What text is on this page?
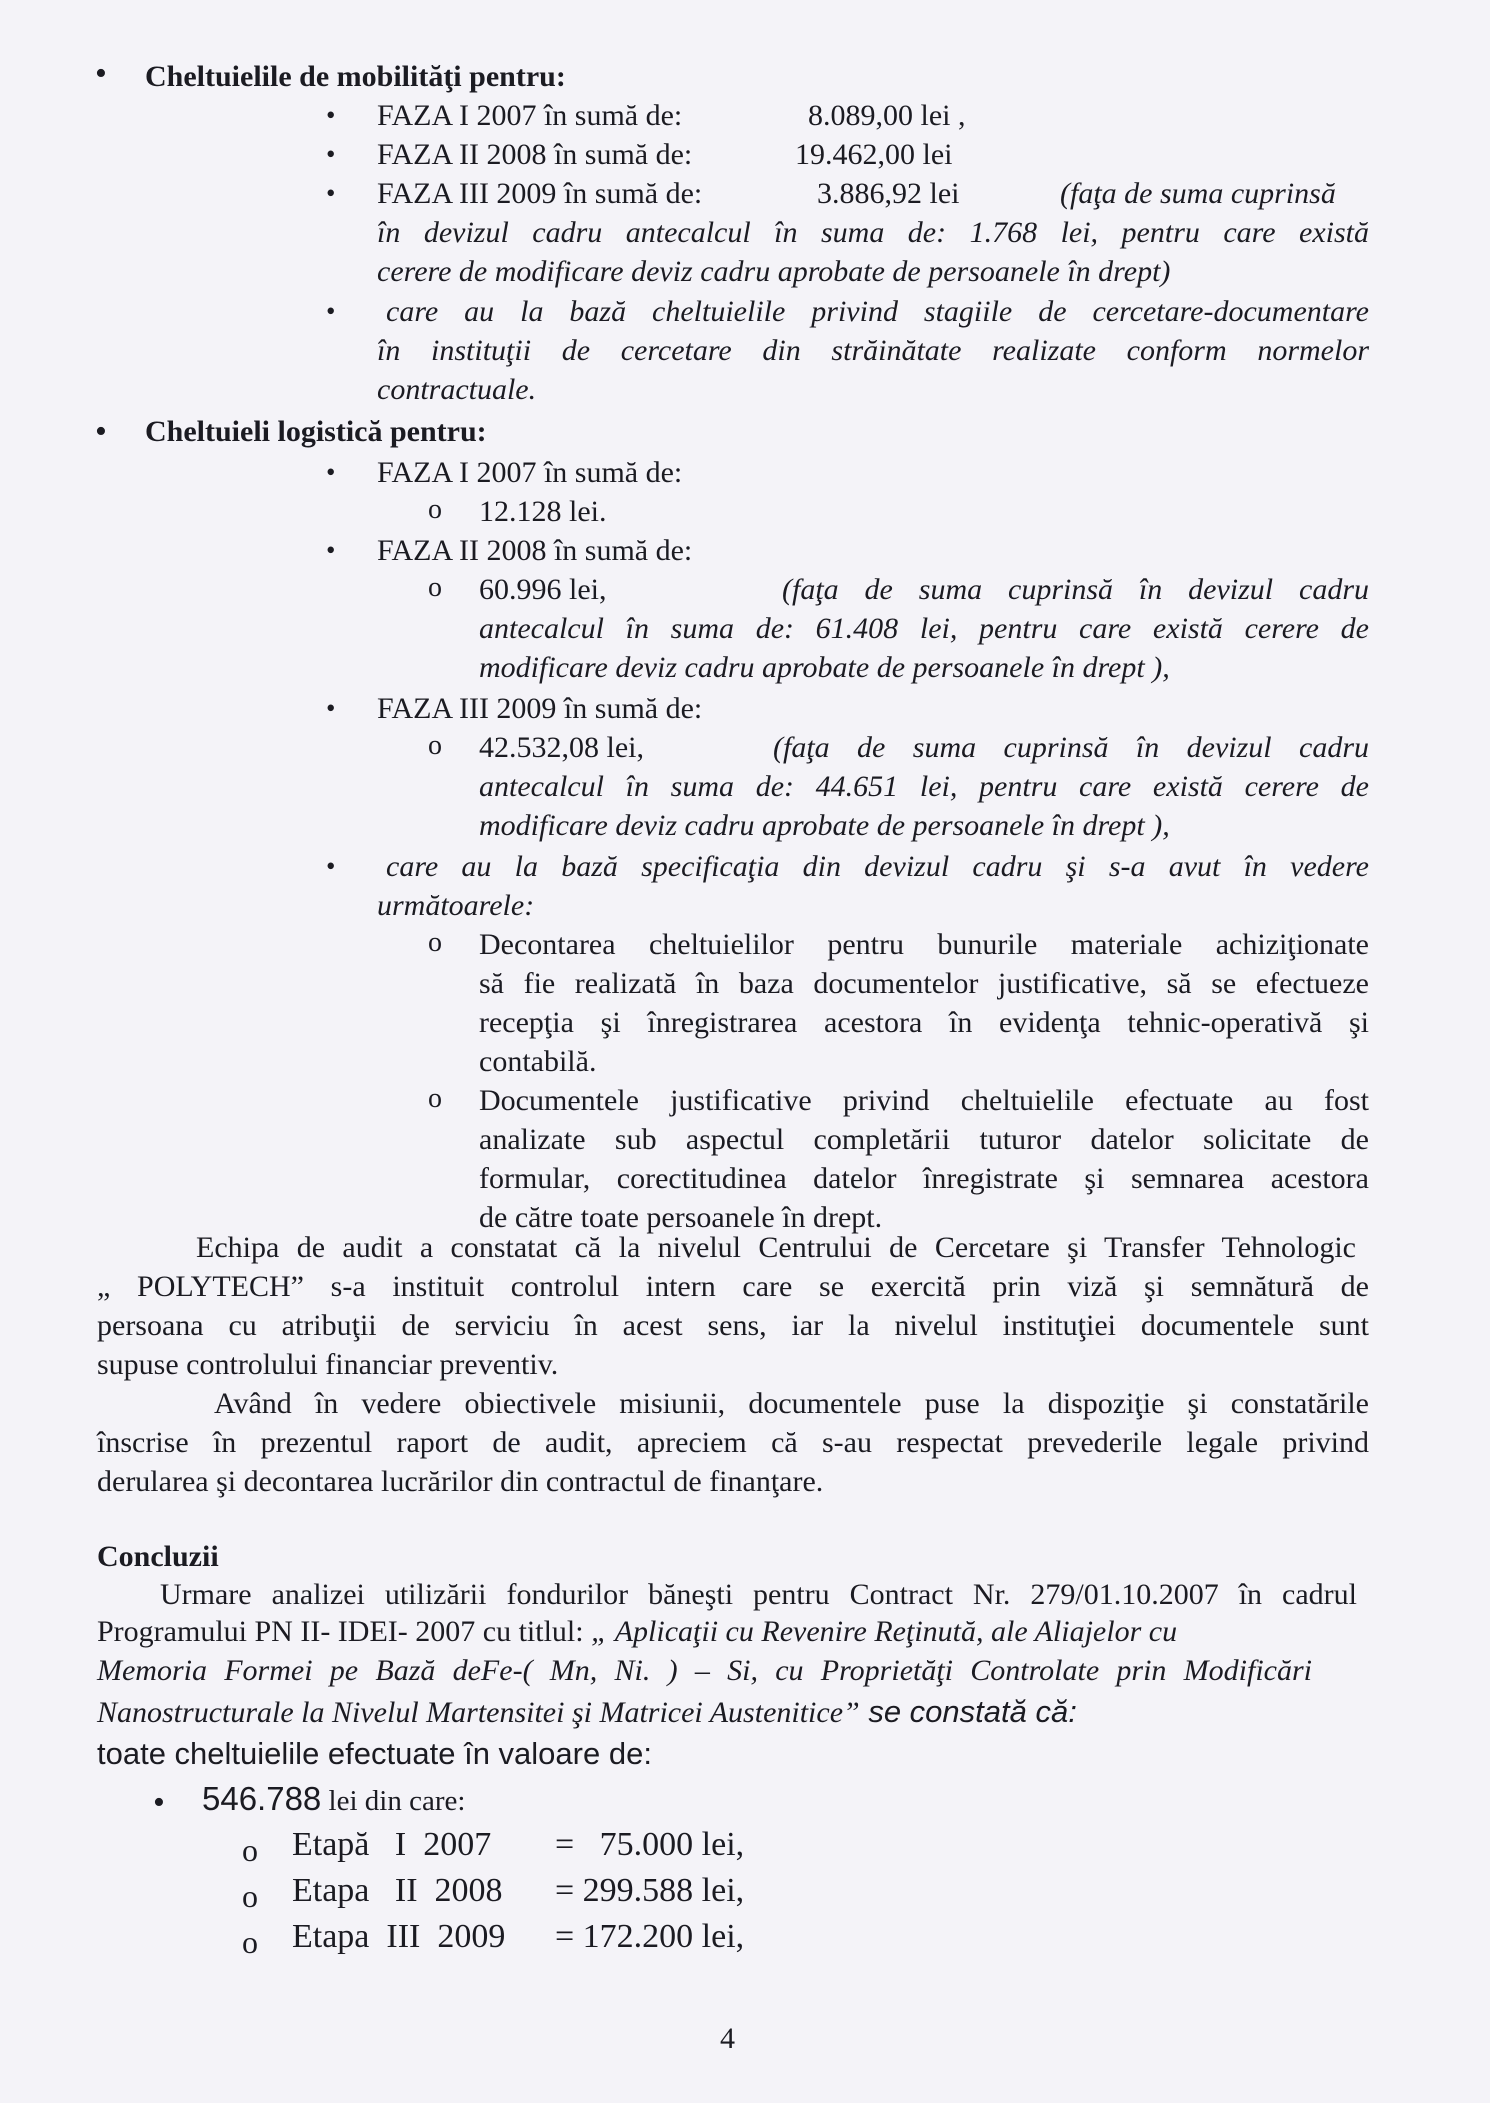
• Cheltuielile de mobilităţi pentru:
• FAZA I 2007 în sumă de:	8.089,00 lei ,
• FAZA II 2008 în sumă de:	19.462,00 lei
• FAZA III 2009 în sumă de:	3.886,92 lei	(faţa de suma cuprinsă
în devizul cadru antecalcul în suma de: 1.768 lei, pentru care există
cerere de modificare deviz cadru aprobate de persoanele în drept)
• care au la bază cheltuielile privind stagiile de cercetare-documentare
în instituţii de cercetare din străinătate realizate conform normelor
contractuale.
• Cheltuieli logistică pentru:
• FAZA I 2007 în sumă de:
o 12.128 lei.
• FAZA II 2008 în sumă de:
o 60.996 lei,	(faţa de suma cuprinsă în devizul cadru
antecalcul în suma de: 61.408 lei, pentru care există cerere de
modificare deviz cadru aprobate de persoanele în drept ),
• FAZA III 2009 în sumă de:
o 42.532,08 lei,	(faţa de suma cuprinsă în devizul cadru
antecalcul în suma de: 44.651 lei, pentru care există cerere de
modificare deviz cadru aprobate de persoanele în drept ),
• care au la bază specificaţia din devizul cadru şi s-a avut în vedere
următoarele:
o Decontarea cheltuielilor pentru bunurile materiale achiziţionate
să fie realizată în baza documentelor justificative, să se efectueze
recepţia şi înregistrarea acestora în evidenţa tehnic-operativă şi
contabilă.
o Documentele justificative privind cheltuielile efectuate au fost
analizate sub aspectul completării tuturor datelor solicitate de
formular, corectitudinea datelor înregistrate şi semnarea acestora
de către toate persoanele în drept.
Echipa de audit a constatat că la nivelul Centrului de Cercetare şi Transfer Tehnologic
„ POLYTECH” s-a instituit controlul intern care se exercită prin viză şi semnătură de
persoana cu atribuţii de serviciu în acest sens, iar la nivelul instituţiei documentele sunt
supuse controlului financiar preventiv.
Având în vedere obiectivele misiunii, documentele puse la dispoziţie şi constatările
înscrise în prezentul raport de audit, apreciem că s-au respectat prevederile legale privind
derularea şi decontarea lucrărilor din contractul de finanţare.
Concluzii
Urmare analizei utilizării fondurilor băneşti pentru Contract Nr. 279/01.10.2007 în cadrul
Programului PN II- IDEI- 2007 cu titlul: „ Aplicaţii cu Revenire Reţinută, ale Aliajelor cu
Memoria Formei pe Bază deFe-( Mn, Ni. ) – Si, cu Proprietăţi Controlate prin Modificări
Nanostructurale la Nivelul Martensitei şi Matricei Austenitice” se constată că:
toate cheltuielile efectuate în valoare de:
• 546.788 lei din care:
o Etapă   I  2007 =   75.000 lei,
o Etapa   II  2008 = 299.588 lei,
o Etapa  III  2009 = 172.200 lei,
4
